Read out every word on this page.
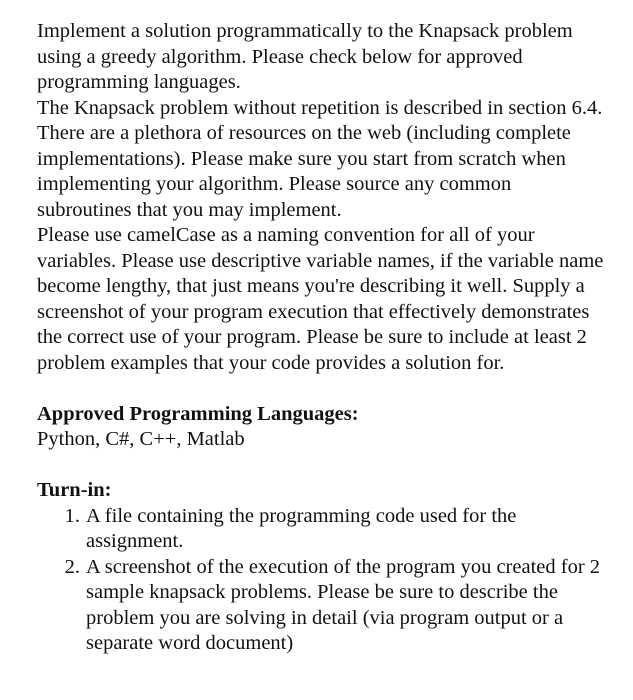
Implement a solution programmatically to the Knapsack problem using a greedy algorithm. Please check below for approved programming languages.

The Knapsack problem without repetition is described in section 6.4. There are a plethora of resources on the web (including complete implementations). Please make sure you start from scratch when implementing your algorithm. Please source any common subroutines that you may implement.

Please use camelCase as a naming convention for all of your variables. Please use descriptive variable names, if the variable name become lengthy, that just means you're describing it well. Supply a screenshot of your program execution that effectively demonstrates the correct use of your program. Please be sure to include at least 2 problem examples that your code provides a solution for.

Approved Programming Languages:

Python, C#, C++, Matlab

Turn-in:

1. A file containing the programming code used for the assignment.
2. A screenshot of the execution of the program you created for 2 sample knapsack problems. Please be sure to describe the problem you are solving in detail (via program output or a separate word document)
